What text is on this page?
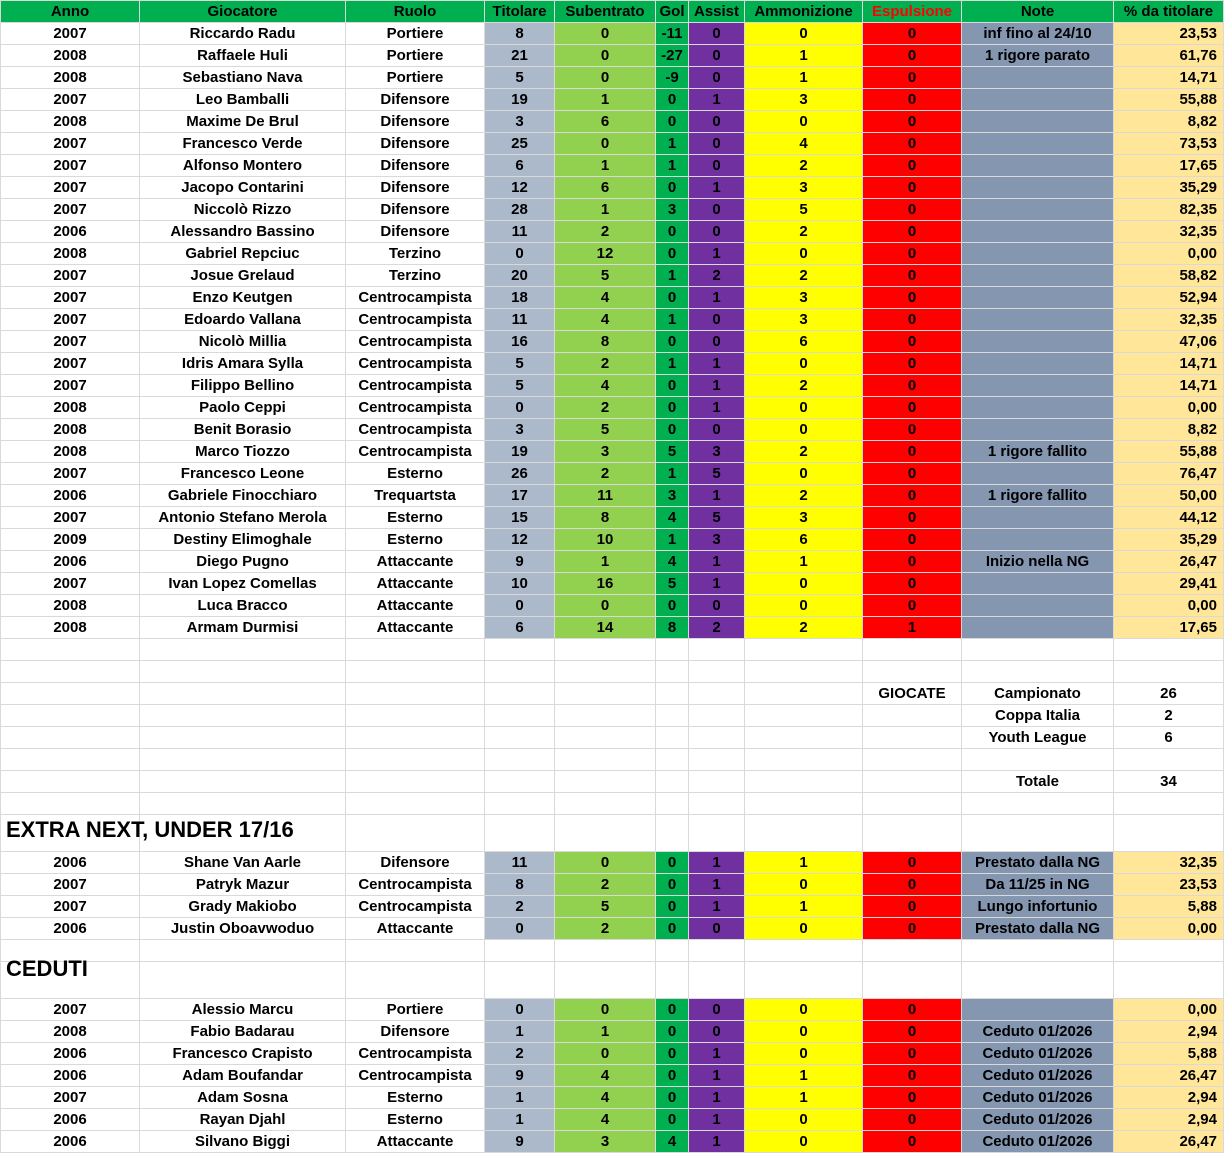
Anno	Giocatore	Ruolo	Titolare	Subentrato	Gol	Assist	Ammonizione	Espulsione	Note	% da titolare
2007	Riccardo Radu	Portiere	8	0	-11	0	0	0	inf fino al 24/10	23,53
2008	Raffaele Huli	Portiere	21	0	-27	0	1	0	1 rigore parato	61,76
2008	Sebastiano Nava	Portiere	5	0	-9	0	1	0		14,71
2007	Leo Bamballi	Difensore	19	1	0	1	3	0		55,88
2008	Maxime De Brul	Difensore	3	6	0	0	0	0		8,82
2007	Francesco Verde	Difensore	25	0	1	0	4	0		73,53
2007	Alfonso Montero	Difensore	6	1	1	0	2	0		17,65
2007	Jacopo Contarini	Difensore	12	6	0	1	3	0		35,29
2007	Niccolò Rizzo	Difensore	28	1	3	0	5	0		82,35
2006	Alessandro Bassino	Difensore	11	2	0	0	2	0		32,35
2008	Gabriel Repciuc	Terzino	0	12	0	1	0	0		0,00
2007	Josue Grelaud	Terzino	20	5	1	2	2	0		58,82
2007	Enzo Keutgen	Centrocampista	18	4	0	1	3	0		52,94
2007	Edoardo Vallana	Centrocampista	11	4	1	0	3	0		32,35
2007	Nicolò Millia	Centrocampista	16	8	0	0	6	0		47,06
2007	Idris Amara Sylla	Centrocampista	5	2	1	1	0	0		14,71
2007	Filippo Bellino	Centrocampista	5	4	0	1	2	0		14,71
2008	Paolo Ceppi	Centrocampista	0	2	0	1	0	0		0,00
2008	Benit Borasio	Centrocampista	3	5	0	0	0	0		8,82
2008	Marco Tiozzo	Centrocampista	19	3	5	3	2	0	1 rigore fallito	55,88
2007	Francesco Leone	Esterno	26	2	1	5	0	0		76,47
2006	Gabriele Finocchiaro	Trequartsta	17	11	3	1	2	0	1 rigore fallito	50,00
2007	Antonio Stefano Merola	Esterno	15	8	4	5	3	0		44,12
2009	Destiny Elimoghale	Esterno	12	10	1	3	6	0		35,29
2006	Diego Pugno	Attaccante	9	1	4	1	1	0	Inizio nella NG	26,47
2007	Ivan Lopez Comellas	Attaccante	10	16	5	1	0	0		29,41
2008	Luca Bracco	Attaccante	0	0	0	0	0	0		0,00
2008	Armam Durmisi	Attaccante	6	14	8	2	2	1		17,65

								GIOCATE	Campionato	26
									Coppa Italia	2
									Youth League	6

									Totale	34

2006	Shane Van Aarle	Difensore	11	0	0	1	1	0	Prestato dalla NG	32,35
2007	Patryk Mazur	Centrocampista	8	2	0	1	0	0	Da 11/25 in NG	23,53
2007	Grady Makiobo	Centrocampista	2	5	0	1	1	0	Lungo infortunio	5,88
2006	Justin Oboavwoduo	Attaccante	0	2	0	0	0	0	Prestato dalla NG	0,00

2007	Alessio Marcu	Portiere	0	0	0	0	0	0		0,00
2008	Fabio Badarau	Difensore	1	1	0	0	0	0	Ceduto 01/2026	2,94
2006	Francesco Crapisto	Centrocampista	2	0	0	1	0	0	Ceduto 01/2026	5,88
2006	Adam Boufandar	Centrocampista	9	4	0	1	1	0	Ceduto 01/2026	26,47
2007	Adam Sosna	Esterno	1	4	0	1	1	0	Ceduto 01/2026	2,94
2006	Rayan Djahl	Esterno	1	4	0	1	0	0	Ceduto 01/2026	2,94
2006	Silvano Biggi	Attaccante	9	3	4	1	0	0	Ceduto 01/2026	26,47
EXTRA NEXT, UNDER 17/16
CEDUTI
